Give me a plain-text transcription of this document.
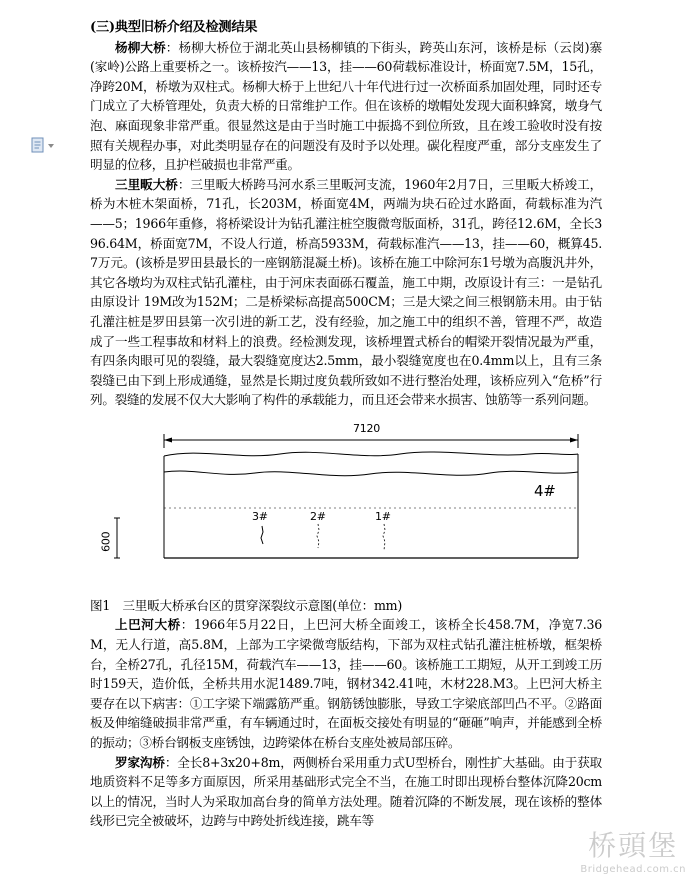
(三)典型旧桥介绍及检测结果

杨柳大桥：杨柳大桥位于湖北英山县杨柳镇的下街头，跨英山东河，该桥是标（云岗)寨(家岭)公路上重要桥之一。该桥按汽——13，挂——60荷载标准设计，桥面宽7.5M，15孔，净跨20M，桥墩为双柱式。杨柳大桥于上世纪八十年代进行过一次桥面系加固处理，同时还专门成立了大桥管理处，负责大桥的日常维护工作。但在该桥的墩帽处发现大面积蜂窝，墩身气泡、麻面现象非常严重。很显然这是由于当时施工中振捣不到位所致，且在竣工验收时没有按照有关规程办事，对此类明显存在的问题没有及时予以处理。碳化程度严重，部分支座发生了明显的位移，且护栏破损也非常严重。

三里畈大桥：三里畈大桥跨马河水系三里畈河支流，1960年2月7日，三里畈大桥竣工，桥为木桩木架面桥，71孔，长203M，桥面宽4M，两端为块石砼过水路面，荷载标准为汽——5；1966年重修，将桥梁设计为钻孔灌注桩空腹微弯版面桥，31孔，跨径12.6M，全长396.64M，桥面宽7M，不设人行道，桥高5933M，荷载标准汽——13，挂——60，概算45.7万元。(该桥是罗田县最长的一座钢筋混凝土桥)。该桥在施工中除河东1号墩为高腹汎井外，其它各墩均为双柱式钻孔灌柱，由于河床表面砾石覆盖，施工中期，改原设计有三：一是钻孔由原设计 19M改为152M；二是桥梁标高提高500CM；三是大梁之间三根钢筋未用。由于钻孔灌注桩是罗田县第一次引进的新工艺，没有经验，加之施工中的组织不善，管理不严，故造成了一些工程事故和材料上的浪费。经检测发现，该桥埋置式桥台的帽梁开裂情况最为严重，有四条肉眼可见的裂缝，最大裂缝宽度达2.5mm，最小裂缝宽度也在0.4mm以上，且有三条裂缝已由下到上形成通缝，显然是长期过度负载所致如不进行整治处理，该桥应列入“危桥”行列。裂缝的发展不仅大大影响了构件的承载能力，而且还会带来水损害、蚀筋等一系列问题。

7120
600
4#
3#	2#	1#

图1　三里畈大桥承台区的贯穿深裂纹示意图(单位：mm)

上巴河大桥：1966年5月22日，上巴河大桥全面竣工，该桥全长458.7M，净宽7.36M，无人行道，高5.8M，上部为工字梁微弯版结构，下部为双柱式钻孔灌注桩桥墩，框架桥台，全桥27孔，孔径15M，荷载汽车——13，挂——60。该桥施工工期短，从开工到竣工历时159天，造价低，全桥共用水泥1489.7吨，钢材342.41吨，木材228.M3。上巴河大桥主要存在以下病害：①工字梁下端露筋严重。钢筋锈蚀膨胀，导致工字梁底部凹凸不平。②路面板及伸缩缝破损非常严重，有车辆通过时，在面板交接处有明显的“砸砸”响声，并能感到全桥的振动；③桥台钢板支座锈蚀，边跨梁体在桥台支座处被局部压碎。

罗家沟桥：全长8+3x20+8m，两侧桥台采用重力式U型桥台，刚性扩大基础。由于获取地质资料不足等多方面原因，所采用基础形式完全不当，在施工时即出现桥台整体沉降20cm以上的情况，当时人为采取加高台身的简单方法处理。随着沉降的不断发展，现在该桥的整体线形已完全被破坏，边跨与中跨处折线连接，跳车等

桥頭堡
Bridgehead.com.cn
